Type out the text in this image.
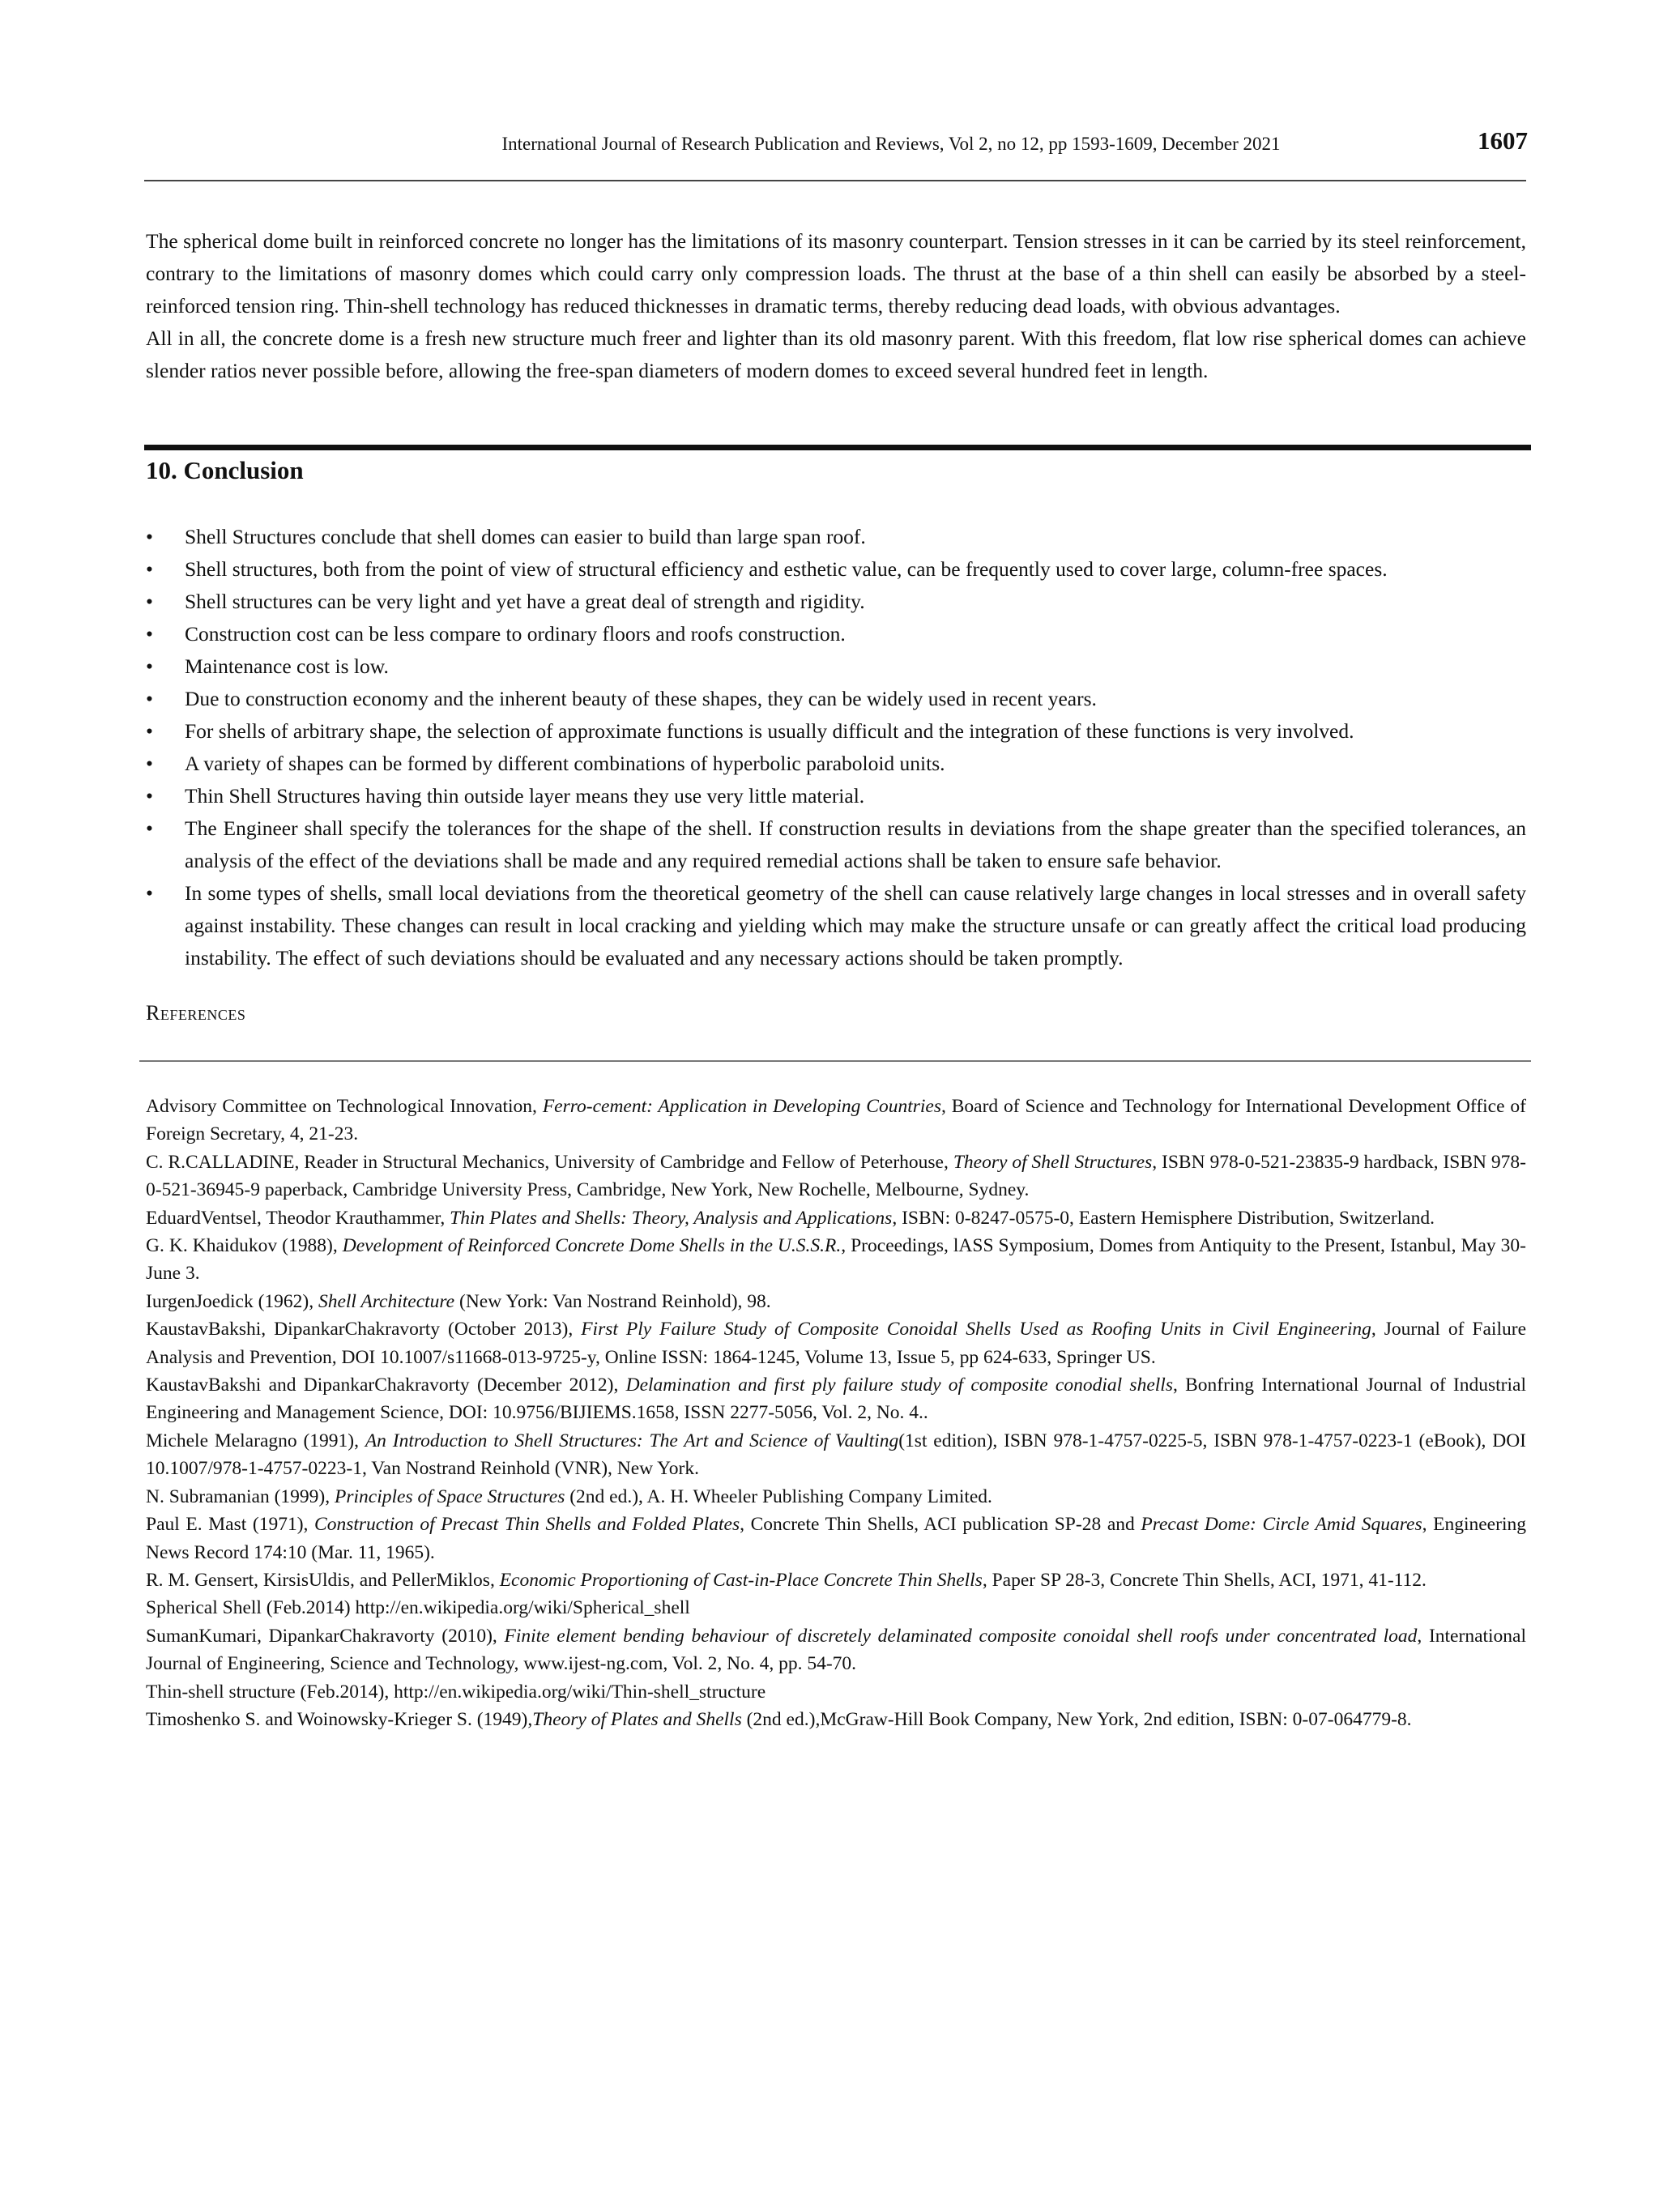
International Journal of Research Publication and Reviews, Vol 2, no 12, pp 1593-1609, December 2021	1607

The spherical dome built in reinforced concrete no longer has the limitations of its masonry counterpart. Tension stresses in it can be carried by its steel reinforcement, contrary to the limitations of masonry domes which could carry only compression loads. The thrust at the base of a thin shell can easily be absorbed by a steel-reinforced tension ring. Thin-shell technology has reduced thicknesses in dramatic terms, thereby reducing dead loads, with obvious advantages.

All in all, the concrete dome is a fresh new structure much freer and lighter than its old masonry parent. With this freedom, flat low rise spherical domes can achieve slender ratios never possible before, allowing the free-span diameters of modern domes to exceed several hundred feet in length.

10. Conclusion
• Shell Structures conclude that shell domes can easier to build than large span roof.
• Shell structures, both from the point of view of structural efficiency and esthetic value, can be frequently used to cover large, column-free spaces.
• Shell structures can be very light and yet have a great deal of strength and rigidity.
• Construction cost can be less compare to ordinary floors and roofs construction.
• Maintenance cost is low.
• Due to construction economy and the inherent beauty of these shapes, they can be widely used in recent years.
• For shells of arbitrary shape, the selection of approximate functions is usually difficult and the integration of these functions is very involved.
• A variety of shapes can be formed by different combinations of hyperbolic paraboloid units.
• Thin Shell Structures having thin outside layer means they use very little material.
• The Engineer shall specify the tolerances for the shape of the shell. If construction results in deviations from the shape greater than the specified tolerances, an analysis of the effect of the deviations shall be made and any required remedial actions shall be taken to ensure safe behavior.
• In some types of shells, small local deviations from the theoretical geometry of the shell can cause relatively large changes in local stresses and in overall safety against instability. These changes can result in local cracking and yielding which may make the structure unsafe or can greatly affect the critical load producing instability. The effect of such deviations should be evaluated and any necessary actions should be taken promptly.
References

Advisory Committee on Technological Innovation, Ferro-cement: Application in Developing Countries, Board of Science and Technology for International Development Office of Foreign Secretary, 4, 21-23.

C. R.CALLADINE, Reader in Structural Mechanics, University of Cambridge and Fellow of Peterhouse, Theory of Shell Structures, ISBN 978-0-521-23835-9 hardback, ISBN 978-0-521-36945-9 paperback, Cambridge University Press, Cambridge, New York, New Rochelle, Melbourne, Sydney.

EduardVentsel, Theodor Krauthammer, Thin Plates and Shells: Theory, Analysis and Applications, ISBN: 0-8247-0575-0, Eastern Hemisphere Distribution, Switzerland.

G. K. Khaidukov (1988), Development of Reinforced Concrete Dome Shells in the U.S.S.R., Proceedings, lASS Symposium, Domes from Antiquity to the Present, Istanbul, May 30-June 3.

IurgenJoedick (1962), Shell Architecture (New York: Van Nostrand Reinhold), 98.

KaustavBakshi, DipankarChakravorty (October 2013), First Ply Failure Study of Composite Conoidal Shells Used as Roofing Units in Civil Engineering, Journal of Failure Analysis and Prevention, DOI 10.1007/s11668-013-9725-y, Online ISSN: 1864-1245, Volume 13, Issue 5, pp 624-633, Springer US.

KaustavBakshi and DipankarChakravorty (December 2012), Delamination and first ply failure study of composite conodial shells, Bonfring International Journal of Industrial Engineering and Management Science, DOI: 10.9756/BIJIEMS.1658, ISSN 2277-5056, Vol. 2, No. 4..

Michele Melaragno (1991), An Introduction to Shell Structures: The Art and Science of Vaulting(1st edition), ISBN 978-1-4757-0225-5, ISBN 978-1-4757-0223-1 (eBook), DOI 10.1007/978-1-4757-0223-1, Van Nostrand Reinhold (VNR), New York.

N. Subramanian (1999), Principles of Space Structures (2nd ed.), A. H. Wheeler Publishing Company Limited.

Paul E. Mast (1971), Construction of Precast Thin Shells and Folded Plates, Concrete Thin Shells, ACI publication SP-28 and Precast Dome: Circle Amid Squares, Engineering News Record 174:10 (Mar. 11, 1965).

R. M. Gensert, KirsisUldis, and PellerMiklos, Economic Proportioning of Cast-in-Place Concrete Thin Shells, Paper SP 28-3, Concrete Thin Shells, ACI, 1971, 41-112.

Spherical Shell (Feb.2014) http://en.wikipedia.org/wiki/Spherical_shell

SumanKumari, DipankarChakravorty (2010), Finite element bending behaviour of discretely delaminated composite conoidal shell roofs under concentrated load, International Journal of Engineering, Science and Technology, www.ijest-ng.com, Vol. 2, No. 4, pp. 54-70.

Thin-shell structure (Feb.2014), http://en.wikipedia.org/wiki/Thin-shell_structure

Timoshenko S. and Woinowsky-Krieger S. (1949),Theory of Plates and Shells (2nd ed.),McGraw-Hill Book Company, New York, 2nd edition, ISBN: 0-07-064779-8.
